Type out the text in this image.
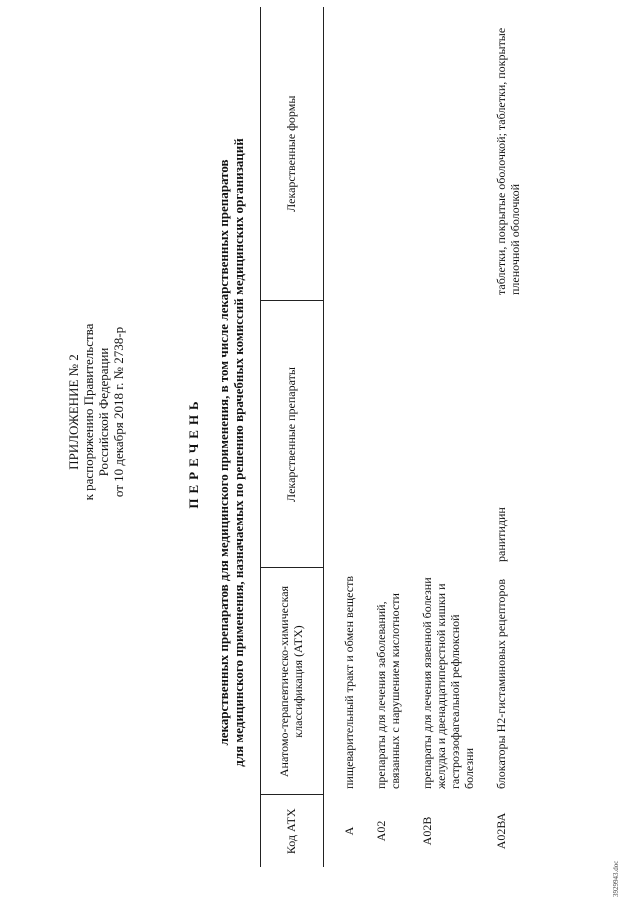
ПРИЛОЖЕНИЕ № 2 к распоряжению Правительства Российской Федерации от 10 декабря 2018 г. № 2738-р	ПЕРЕЧЕНЬ лекарственных препаратов для медицинского применения, в том числе лекарственных препаратов для медицинского применения, назначаемых по решению врачебных комиссий медицинских организаций
Код АТХ	Анатомо-терапевтическо-химическая классификация (АТХ)	Лекарственные препараты	Лекарственные формы
А	пищеварительный тракт и обмен веществ		
А02	препараты для лечения заболеваний, связанных с нарушением кислотности		
А02В	препараты для лечения язвенной болезни желудка и двенадцатиперстной кишки и гастроэзофагеальной рефлюксной болезни		
А02ВА	блокаторы Н2-гистаминовых рецепторов	ранитидин	таблетки, покрытые оболочкой; таблетки, покрытые пленочной оболочкой
3929943.doc
